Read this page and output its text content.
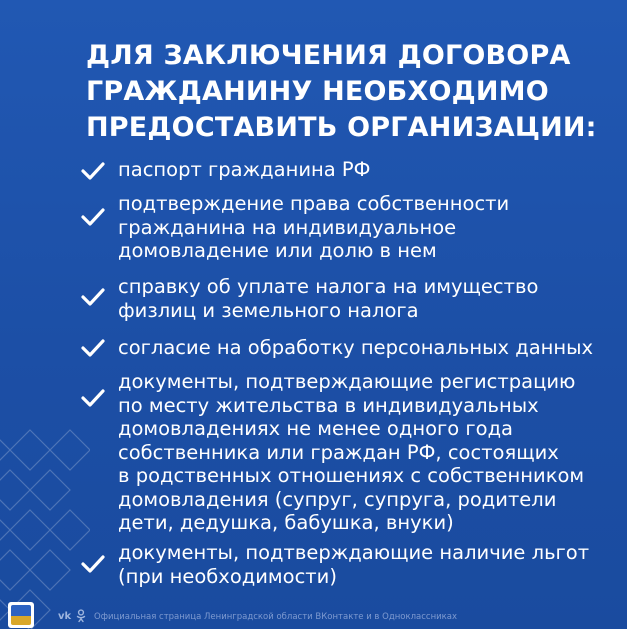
ДЛЯ ЗАКЛЮЧЕНИЯ ДОГОВОРА
ГРАЖДАНИНУ НЕОБХОДИМО
ПРЕДОСТАВИТЬ ОРГАНИЗАЦИИ:
паспорт гражданина РФ
подтверждение права собственности
гражданина на индивидуальное
домовладение или долю в нем
справку об уплате налога на имущество
физлиц и земельного налога
согласие на обработку персональных данных
документы, подтверждающие регистрацию
по месту жительства в индивидуальных
домовладениях не менее одного года
собственника или граждан РФ, состоящих
в родственных отношениях с собственником
домовладения (супруг, супруга, родители
дети, дедушка, бабушка, внуки)
документы, подтверждающие наличие льгот
(при необходимости)
vk	Официальная страница Ленинградской области ВКонтакте и в Одноклассниках
